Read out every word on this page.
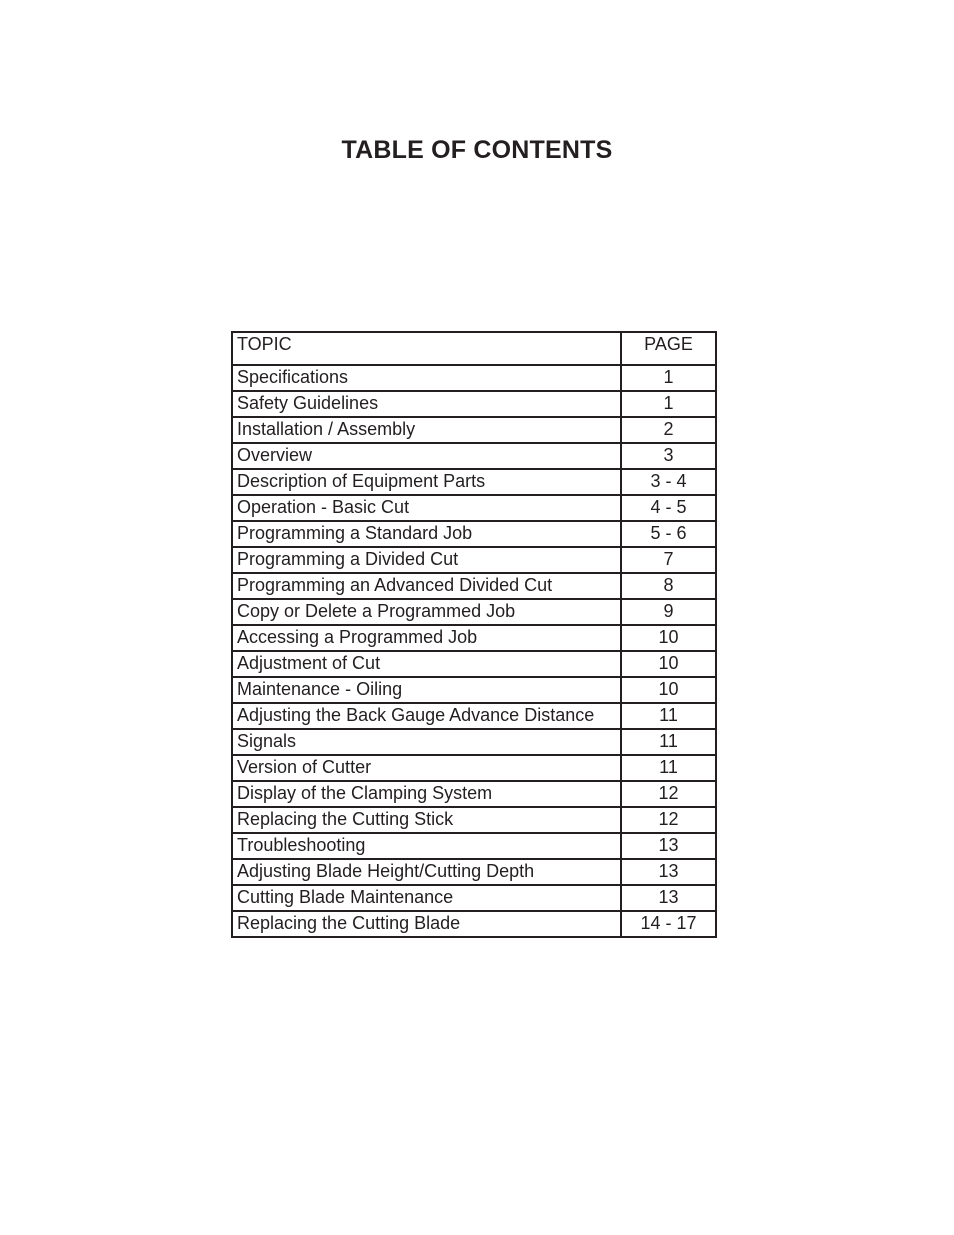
TABLE OF CONTENTS
TOPIC	PAGE
Specifications	1
Safety Guidelines	1
Installation / Assembly	2
Overview	3
Description of Equipment Parts	3 - 4
Operation - Basic Cut	4 - 5
Programming a Standard Job	5 - 6
Programming a Divided Cut	7
Programming an Advanced Divided Cut	8
Copy or Delete a Programmed Job	9
Accessing a Programmed Job	10
Adjustment of Cut	10
Maintenance - Oiling	10
Adjusting the Back Gauge Advance Distance	11
Signals	11
Version of Cutter	11
Display of the Clamping System	12
Replacing the Cutting Stick	12
Troubleshooting	13
Adjusting Blade Height/Cutting Depth	13
Cutting Blade Maintenance	13
Replacing the Cutting Blade	14 - 17
